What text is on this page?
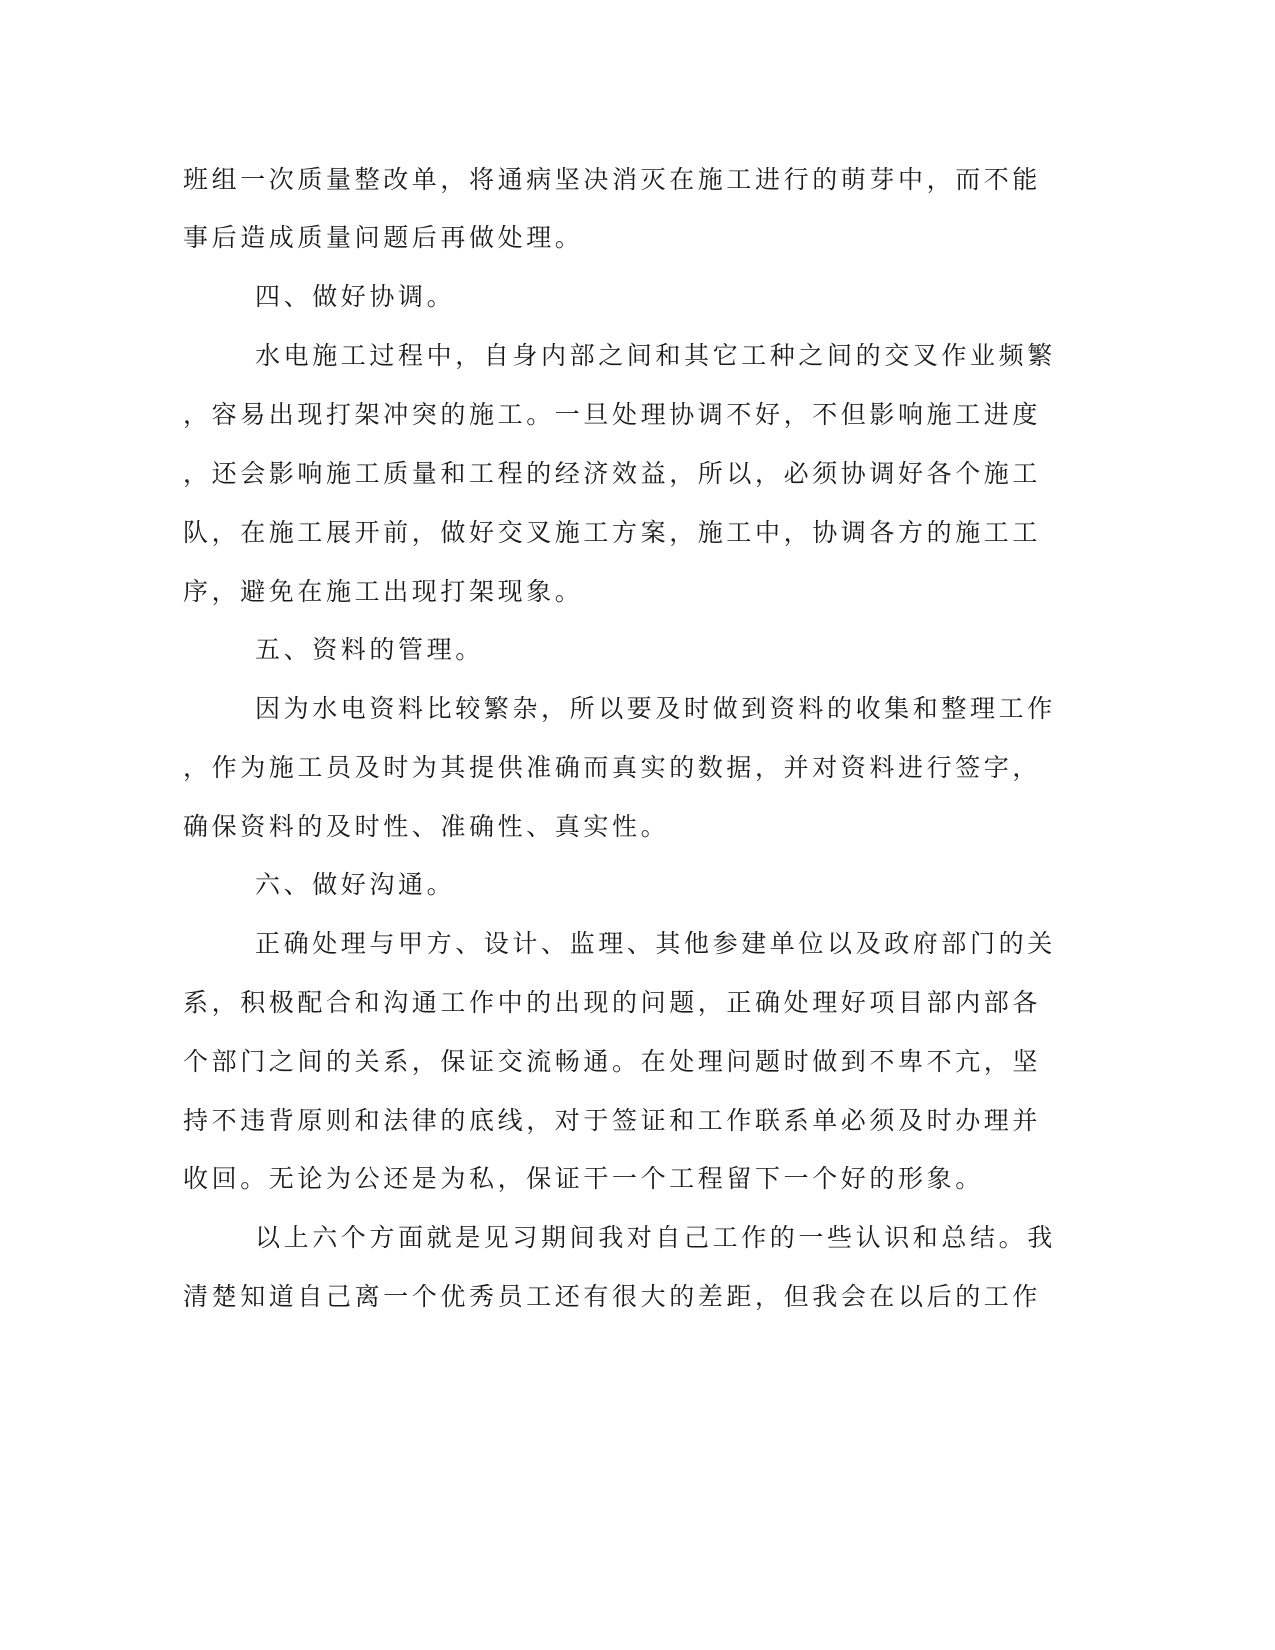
班组一次质量整改单，将通病坚决消灭在施工进行的萌芽中，而不能
事后造成质量问题后再做处理。
四、做好协调。
水电施工过程中，自身内部之间和其它工种之间的交叉作业频繁
，容易出现打架冲突的施工。一旦处理协调不好，不但影响施工进度
，还会影响施工质量和工程的经济效益，所以，必须协调好各个施工
队，在施工展开前，做好交叉施工方案，施工中，协调各方的施工工
序，避免在施工出现打架现象。
五、资料的管理。
因为水电资料比较繁杂，所以要及时做到资料的收集和整理工作
，作为施工员及时为其提供准确而真实的数据，并对资料进行签字，
确保资料的及时性、准确性、真实性。
六、做好沟通。
正确处理与甲方、设计、监理、其他参建单位以及政府部门的关
系，积极配合和沟通工作中的出现的问题，正确处理好项目部内部各
个部门之间的关系，保证交流畅通。在处理问题时做到不卑不亢，坚
持不违背原则和法律的底线，对于签证和工作联系单必须及时办理并
收回。无论为公还是为私，保证干一个工程留下一个好的形象。
以上六个方面就是见习期间我对自己工作的一些认识和总结。我
清楚知道自己离一个优秀员工还有很大的差距，但我会在以后的工作
